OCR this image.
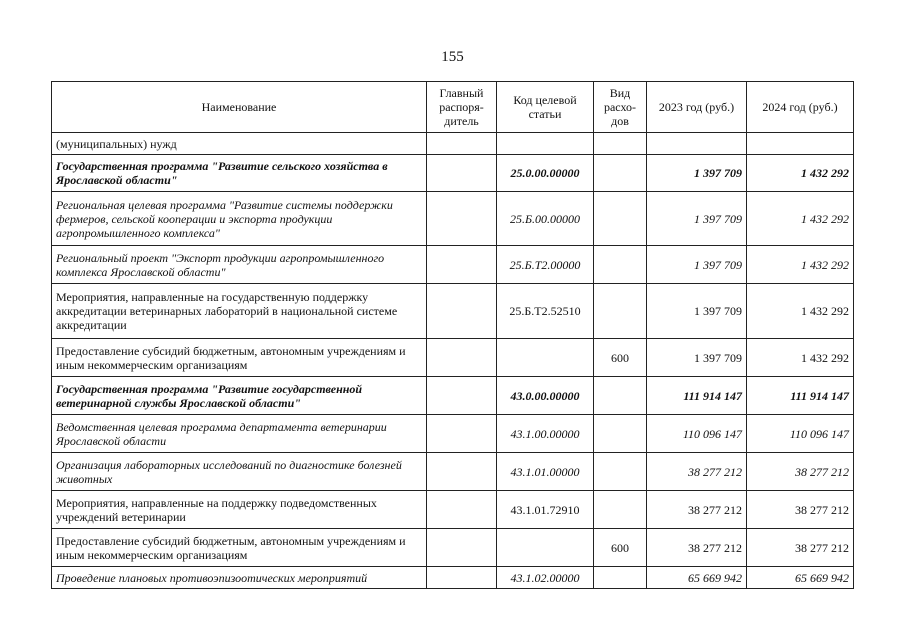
155
Наименование	Главный распоря-дитель	Код целевой статьи	Вид расхо-дов	2023 год (руб.)	2024 год (руб.)
(муниципальных) нужд					
Государственная программа "Развитие сельского хозяйства в Ярославской области"		25.0.00.00000		1 397 709	1 432 292
Региональная целевая программа "Развитие системы поддержки фермеров, сельской кооперации и экспорта продукции агропромышленного комплекса"		25.Б.00.00000		1 397 709	1 432 292
Региональный проект "Экспорт продукции агропромышленного комплекса Ярославской области"		25.Б.Т2.00000		1 397 709	1 432 292
Мероприятия, направленные на государственную поддержку аккредитации ветеринарных лабораторий в национальной системе аккредитации		25.Б.Т2.52510		1 397 709	1 432 292
Предоставление субсидий бюджетным, автономным учреждениям и иным некоммерческим организациям			600	1 397 709	1 432 292
Государственная программа "Развитие государственной ветеринарной службы Ярославской области"		43.0.00.00000		111 914 147	111 914 147
Ведомственная целевая программа департамента ветеринарии Ярославской области		43.1.00.00000		110 096 147	110 096 147
Организация лабораторных исследований по диагностике болезней животных		43.1.01.00000		38 277 212	38 277 212
Мероприятия, направленные на поддержку подведомственных учреждений ветеринарии		43.1.01.72910		38 277 212	38 277 212
Предоставление субсидий бюджетным, автономным учреждениям и иным некоммерческим организациям			600	38 277 212	38 277 212
Проведение плановых противоэпизоотических мероприятий		43.1.02.00000		65 669 942	65 669 942
